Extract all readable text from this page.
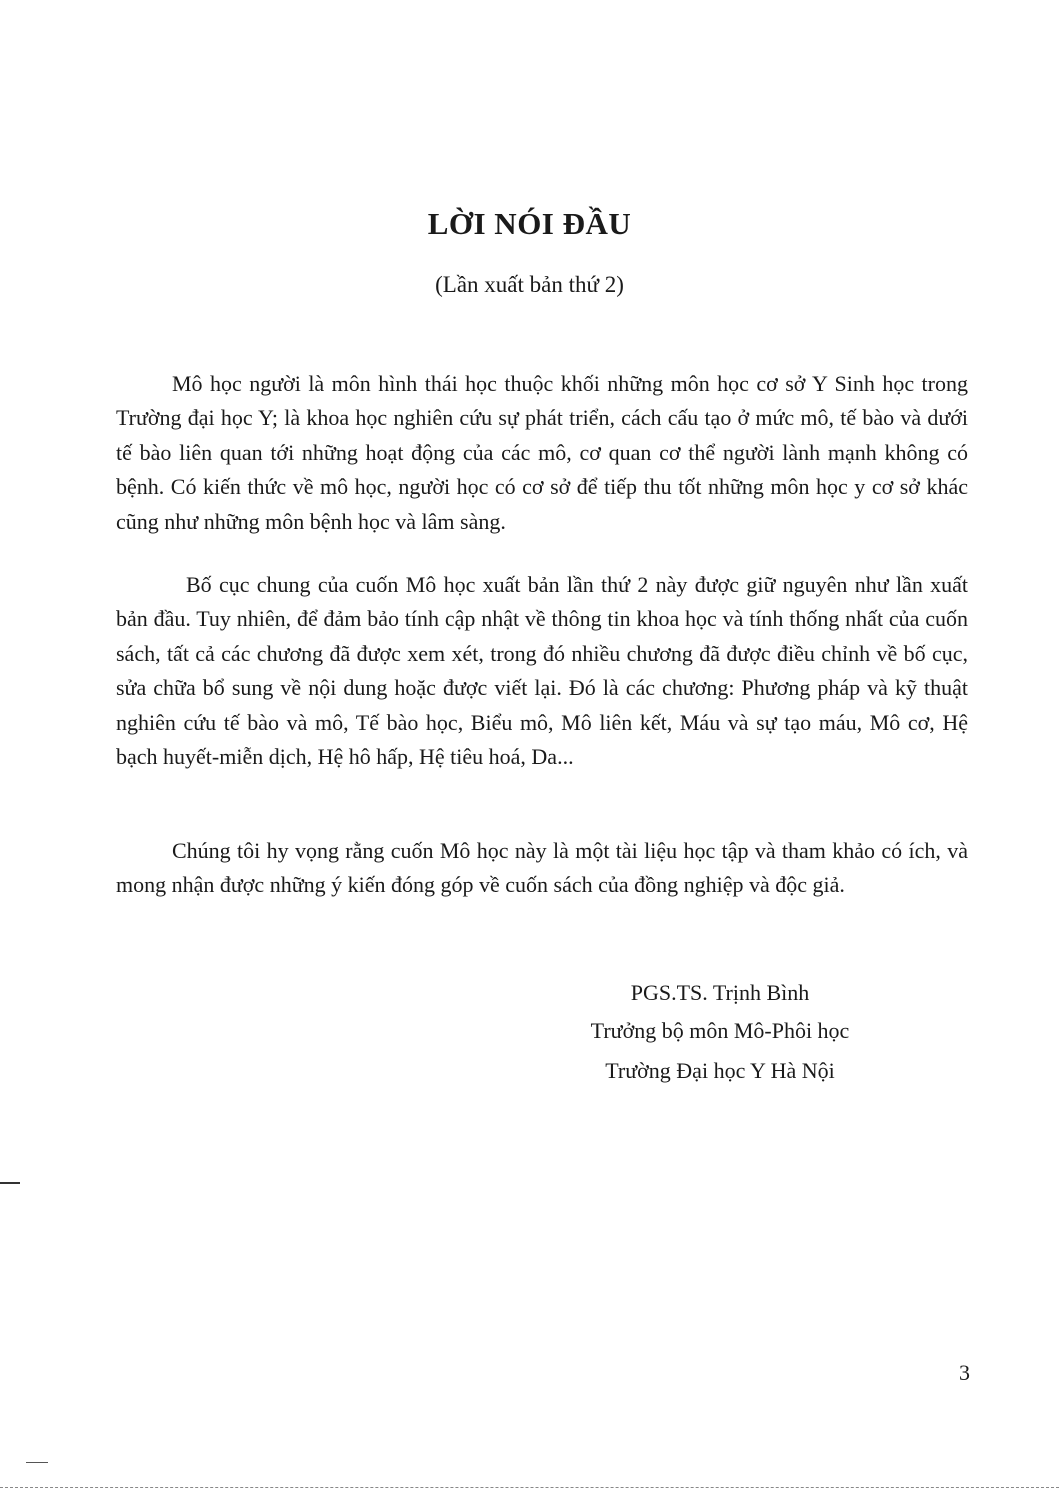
LỜI NÓI ĐẦU
(Lần xuất bản thứ 2)

Mô học người là môn hình thái học thuộc khối những môn học cơ sở Y Sinh học trong Trường đại học Y; là khoa học nghiên cứu sự phát triển, cách cấu tạo ở mức mô, tế bào và dưới tế bào liên quan tới những hoạt động của các mô, cơ quan cơ thể người lành mạnh không có bệnh. Có kiến thức về mô học, người học có cơ sở để tiếp thu tốt những môn học y cơ sở khác cũng như những môn bệnh học và lâm sàng.

Bố cục chung của cuốn Mô học xuất bản lần thứ 2 này được giữ nguyên như lần xuất bản đầu. Tuy nhiên, để đảm bảo tính cập nhật về thông tin khoa học và tính thống nhất của cuốn sách, tất cả các chương đã được xem xét, trong đó nhiều chương đã được điều chỉnh về bố cục, sửa chữa bổ sung về nội dung hoặc được viết lại. Đó là các chương: Phương pháp và kỹ thuật nghiên cứu tế bào và mô, Tế bào học, Biểu mô, Mô liên kết, Máu và sự tạo máu, Mô cơ, Hệ bạch huyết-miễn dịch, Hệ hô hấp, Hệ tiêu hoá, Da...

Chúng tôi hy vọng rằng cuốn Mô học này là một tài liệu học tập và tham khảo có ích, và mong nhận được những ý kiến đóng góp về cuốn sách của đồng nghiệp và độc giả.

PGS.TS. Trịnh Bình
Trưởng bộ môn Mô-Phôi học
Trường Đại học Y Hà Nội
3
